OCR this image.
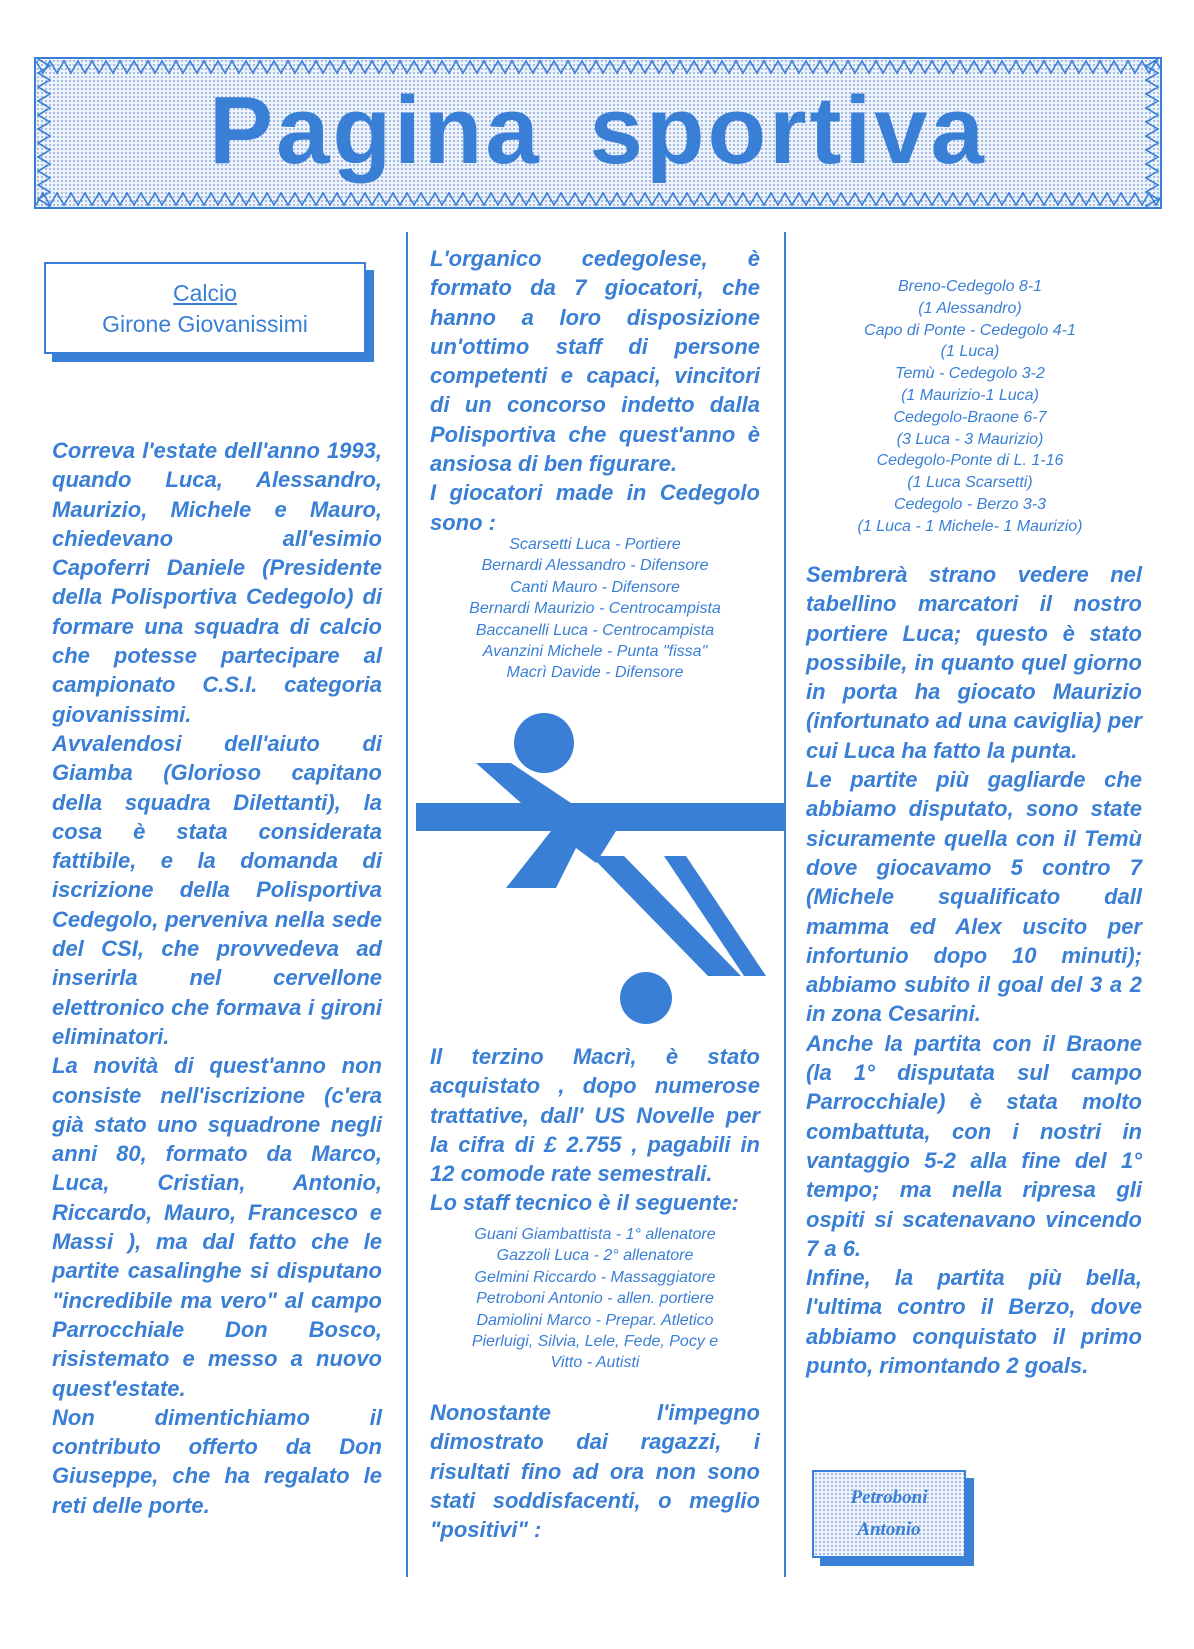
Pagina sportiva
Calcio
Girone Giovanissimi

Correva l'estate dell'anno 1993, quando Luca, Alessandro, Maurizio, Michele e Mauro, chiedevano all'esimio Capoferri Daniele (Presidente della Polisportiva Cedegolo) di formare una squadra di calcio che potesse partecipare al campionato C.S.I. categoria giovanissimi.

Avvalendosi dell'aiuto di Giamba (Glorioso capitano della squadra Dilettanti), la cosa è stata considerata fattibile, e la domanda di iscrizione della Polisportiva Cedegolo, perveniva nella sede del CSI, che provvedeva ad inserirla nel cervellone elettronico che formava i gironi eliminatori.

La novità di quest'anno non consiste nell'iscrizione (c'era già stato uno squadrone negli anni 80, formato da Marco, Luca, Cristian, Antonio, Riccardo, Mauro, Francesco e Massi ), ma dal fatto che le partite casalinghe si disputano "incredibile ma vero" al campo Parrocchiale Don Bosco, risistemato e messo a nuovo quest'estate.

Non dimentichiamo il contributo offerto da Don Giuseppe, che ha regalato le reti delle porte.

L'organico cedegolese, è formato da 7 giocatori, che hanno a loro disposizione un'ottimo staff di persone competenti e capaci, vincitori di un concorso indetto dalla Polisportiva che quest'anno è ansiosa di ben figurare.

I giocatori made in Cedegolo sono :

Scarsetti Luca - Portiere
Bernardi Alessandro - Difensore
Canti Mauro - Difensore
Bernardi Maurizio - Centrocampista
Baccanelli Luca - Centrocampista
Avanzini Michele - Punta "fissa"
Macrì Davide - Difensore

Il terzino Macrì, è stato acquistato , dopo numerose trattative, dall' US Novelle per la cifra di £ 2.755 , pagabili in 12 comode rate semestrali.

Lo staff tecnico è il seguente:

Guani Giambattista - 1° allenatore
Gazzoli Luca - 2° allenatore
Gelmini Riccardo - Massaggiatore
Petroboni Antonio - allen. portiere
Damiolini Marco - Prepar. Atletico
Pierluigi, Silvia, Lele, Fede, Pocy e
Vitto - Autisti

Nonostante l'impegno dimostrato dai ragazzi, i risultati fino ad ora non sono stati soddisfacenti, o meglio "positivi" :

Breno-Cedegolo 8-1
(1 Alessandro)
Capo di Ponte - Cedegolo 4-1
(1 Luca)
Temù - Cedegolo 3-2
(1 Maurizio-1 Luca)
Cedegolo-Braone 6-7
(3 Luca - 3 Maurizio)
Cedegolo-Ponte di L. 1-16
(1 Luca Scarsetti)
Cedegolo - Berzo 3-3
(1 Luca - 1 Michele- 1 Maurizio)

Sembrerà strano vedere nel tabellino marcatori il nostro portiere Luca; questo è stato possibile, in quanto quel giorno in porta ha giocato Maurizio (infortunato ad una caviglia) per cui Luca ha fatto la punta.

Le partite più gagliarde che abbiamo disputato, sono state sicuramente quella con il Temù dove giocavamo 5 contro 7 (Michele squalificato dall mamma ed Alex uscito per infortunio dopo 10 minuti); abbiamo subito il goal del 3 a 2 in zona Cesarini.

Anche la partita con il Braone (la 1° disputata sul campo Parrocchiale) è stata molto combattuta, con i nostri in vantaggio 5-2 alla fine del 1° tempo; ma nella ripresa gli ospiti si scatenavano vincendo 7 a 6.

Infine, la partita più bella, l'ultima contro il Berzo, dove abbiamo conquistato il primo punto, rimontando 2 goals.

Petroboni
Antonio
